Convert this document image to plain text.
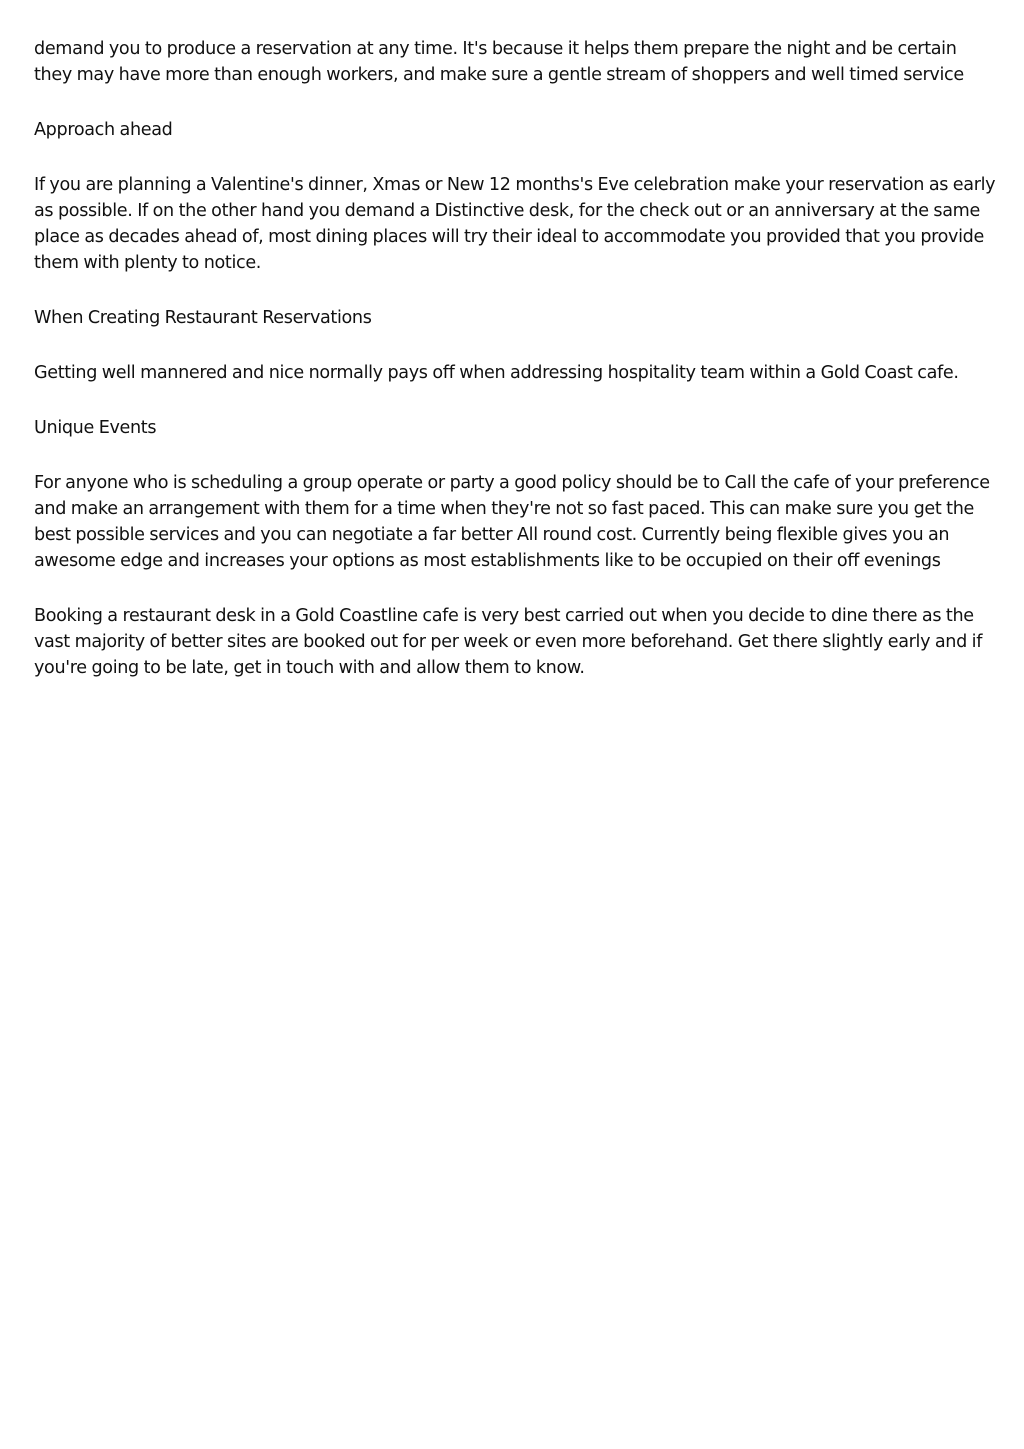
demand you to produce a reservation at any time. It's because it helps them prepare the night and be certain they may have more than enough workers, and make sure a gentle stream of shoppers and well timed service

Approach ahead

If you are planning a Valentine's dinner, Xmas or New 12 months's Eve celebration make your reservation as early as possible. If on the other hand you demand a Distinctive desk, for the check out or an anniversary at the same place as decades ahead of, most dining places will try their ideal to accommodate you provided that you provide them with plenty to notice.

When Creating Restaurant Reservations

Getting well mannered and nice normally pays off when addressing hospitality team within a Gold Coast cafe.

Unique Events

For anyone who is scheduling a group operate or party a good policy should be to Call the cafe of your preference and make an arrangement with them for a time when they're not so fast paced. This can make sure you get the best possible services and you can negotiate a far better All round cost. Currently being flexible gives you an awesome edge and increases your options as most establishments like to be occupied on their off evenings

Booking a restaurant desk in a Gold Coastline cafe is very best carried out when you decide to dine there as the vast majority of better sites are booked out for per week or even more beforehand. Get there slightly early and if you're going to be late, get in touch with and allow them to know.
